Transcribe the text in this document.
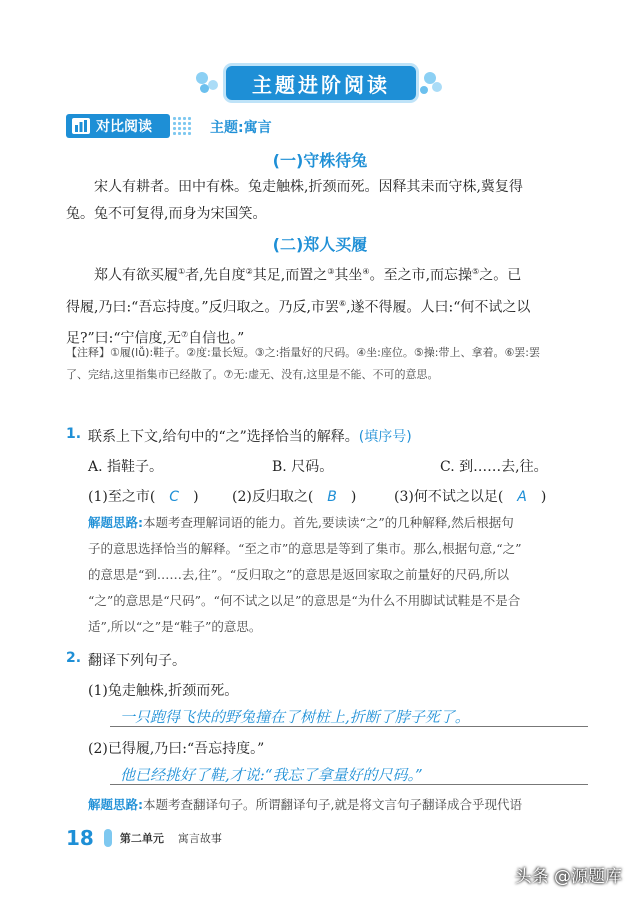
主题进阶阅读
对比阅读	主题:寓言
(一)守株待兔
宋人有耕者。田中有株。兔走触株,折颈而死。因释其耒而守株,冀复得
兔。兔不可复得,而身为宋国笑。
(二)郑人买履
郑人有欲买履①者,先自度②其足,而置之③其坐④。至之市,而忘操⑤之。已
得履,乃曰:“吾忘持度。”反归取之。乃反,市罢⑥,遂不得履。人曰:“何不试之以
足?”曰:“宁信度,无⑦自信也。”
【注释】①履(lǚ):鞋子。②度:量长短。③之:指量好的尺码。④坐:座位。⑤操:带上、拿着。⑥罢:罢
了、完结,这里指集市已经散了。⑦无:虚无、没有,这里是不能、不可的意思。
1. 联系上下文,给句中的“之”选择恰当的解释。(填序号)
A. 指鞋子。	B. 尺码。	C. 到……去,往。
(1)至之市( C ) (2)反归取之( B )	(3)何不试之以足( A )
解题思路:本题考查理解词语的能力。首先,要读读“之”的几种解释,然后根据句
子的意思选择恰当的解释。“至之市”的意思是等到了集市。那么,根据句意,“之”
的意思是“到……去,往”。“反归取之”的意思是返回家取之前量好的尺码,所以
“之”的意思是“尺码”。“何不试之以足”的意思是“为什么不用脚试试鞋是不是合
适”,所以“之”是“鞋子”的意思。
2. 翻译下列句子。
(1)兔走触株,折颈而死。
一只跑得飞快的野兔撞在了树桩上,折断了脖子死了。
(2)已得履,乃曰:“吾忘持度。”
他已经挑好了鞋,才说:“我忘了拿量好的尺码。”
解题思路:本题考查翻译句子。所谓翻译句子,就是将文言句子翻译成合乎现代语
18 第二单元 寓言故事
头条 @源题库
